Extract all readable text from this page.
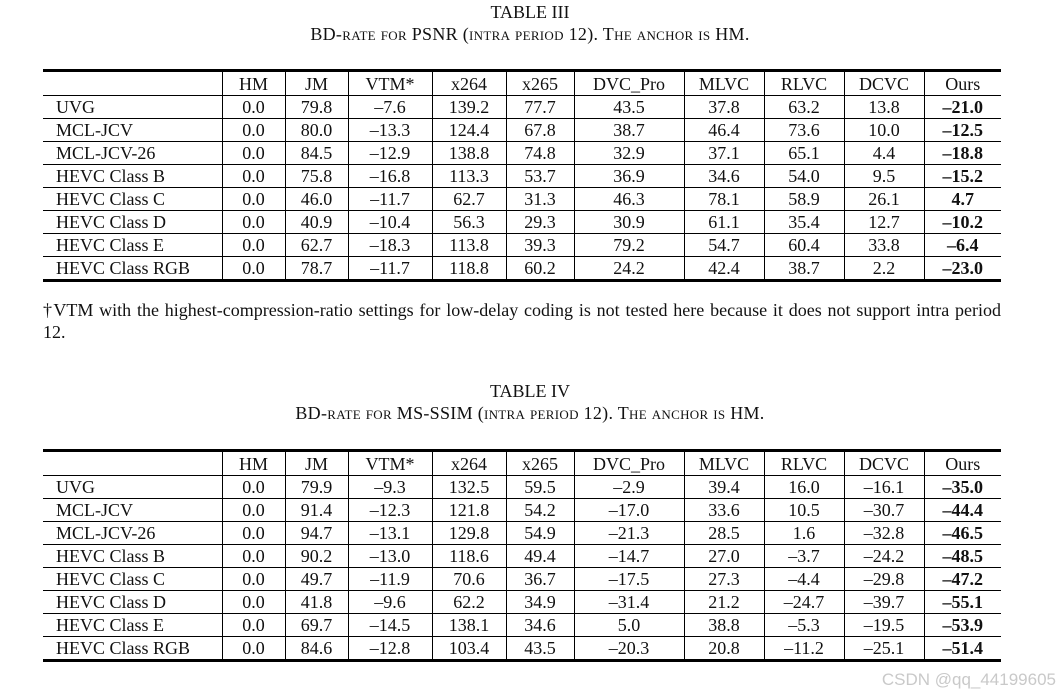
TABLE III
BD-rate for PSNR (intra period 12). The anchor is HM.
	HM	JM	VTM*	x264	x265	DVC_Pro	MLVC	RLVC	DCVC	Ours
UVG	0.0	79.8	–7.6	139.2	77.7	43.5	37.8	63.2	13.8	–21.0
MCL-JCV	0.0	80.0	–13.3	124.4	67.8	38.7	46.4	73.6	10.0	–12.5
MCL-JCV-26	0.0	84.5	–12.9	138.8	74.8	32.9	37.1	65.1	4.4	–18.8
HEVC Class B	0.0	75.8	–16.8	113.3	53.7	36.9	34.6	54.0	9.5	–15.2
HEVC Class C	0.0	46.0	–11.7	62.7	31.3	46.3	78.1	58.9	26.1	4.7
HEVC Class D	0.0	40.9	–10.4	56.3	29.3	30.9	61.1	35.4	12.7	–10.2
HEVC Class E	0.0	62.7	–18.3	113.8	39.3	79.2	54.7	60.4	33.8	–6.4
HEVC Class RGB	0.0	78.7	–11.7	118.8	60.2	24.2	42.4	38.7	2.2	–23.0
†VTM with the highest-compression-ratio settings for low-delay coding is not tested here because it does not support intra period 12.
TABLE IV
BD-rate for MS-SSIM (intra period 12). The anchor is HM.
	HM	JM	VTM*	x264	x265	DVC_Pro	MLVC	RLVC	DCVC	Ours
UVG	0.0	79.9	–9.3	132.5	59.5	–2.9	39.4	16.0	–16.1	–35.0
MCL-JCV	0.0	91.4	–12.3	121.8	54.2	–17.0	33.6	10.5	–30.7	–44.4
MCL-JCV-26	0.0	94.7	–13.1	129.8	54.9	–21.3	28.5	1.6	–32.8	–46.5
HEVC Class B	0.0	90.2	–13.0	118.6	49.4	–14.7	27.0	–3.7	–24.2	–48.5
HEVC Class C	0.0	49.7	–11.9	70.6	36.7	–17.5	27.3	–4.4	–29.8	–47.2
HEVC Class D	0.0	41.8	–9.6	62.2	34.9	–31.4	21.2	–24.7	–39.7	–55.1
HEVC Class E	0.0	69.7	–14.5	138.1	34.6	5.0	38.8	–5.3	–19.5	–53.9
HEVC Class RGB	0.0	84.6	–12.8	103.4	43.5	–20.3	20.8	–11.2	–25.1	–51.4
CSDN @qq_44199605
